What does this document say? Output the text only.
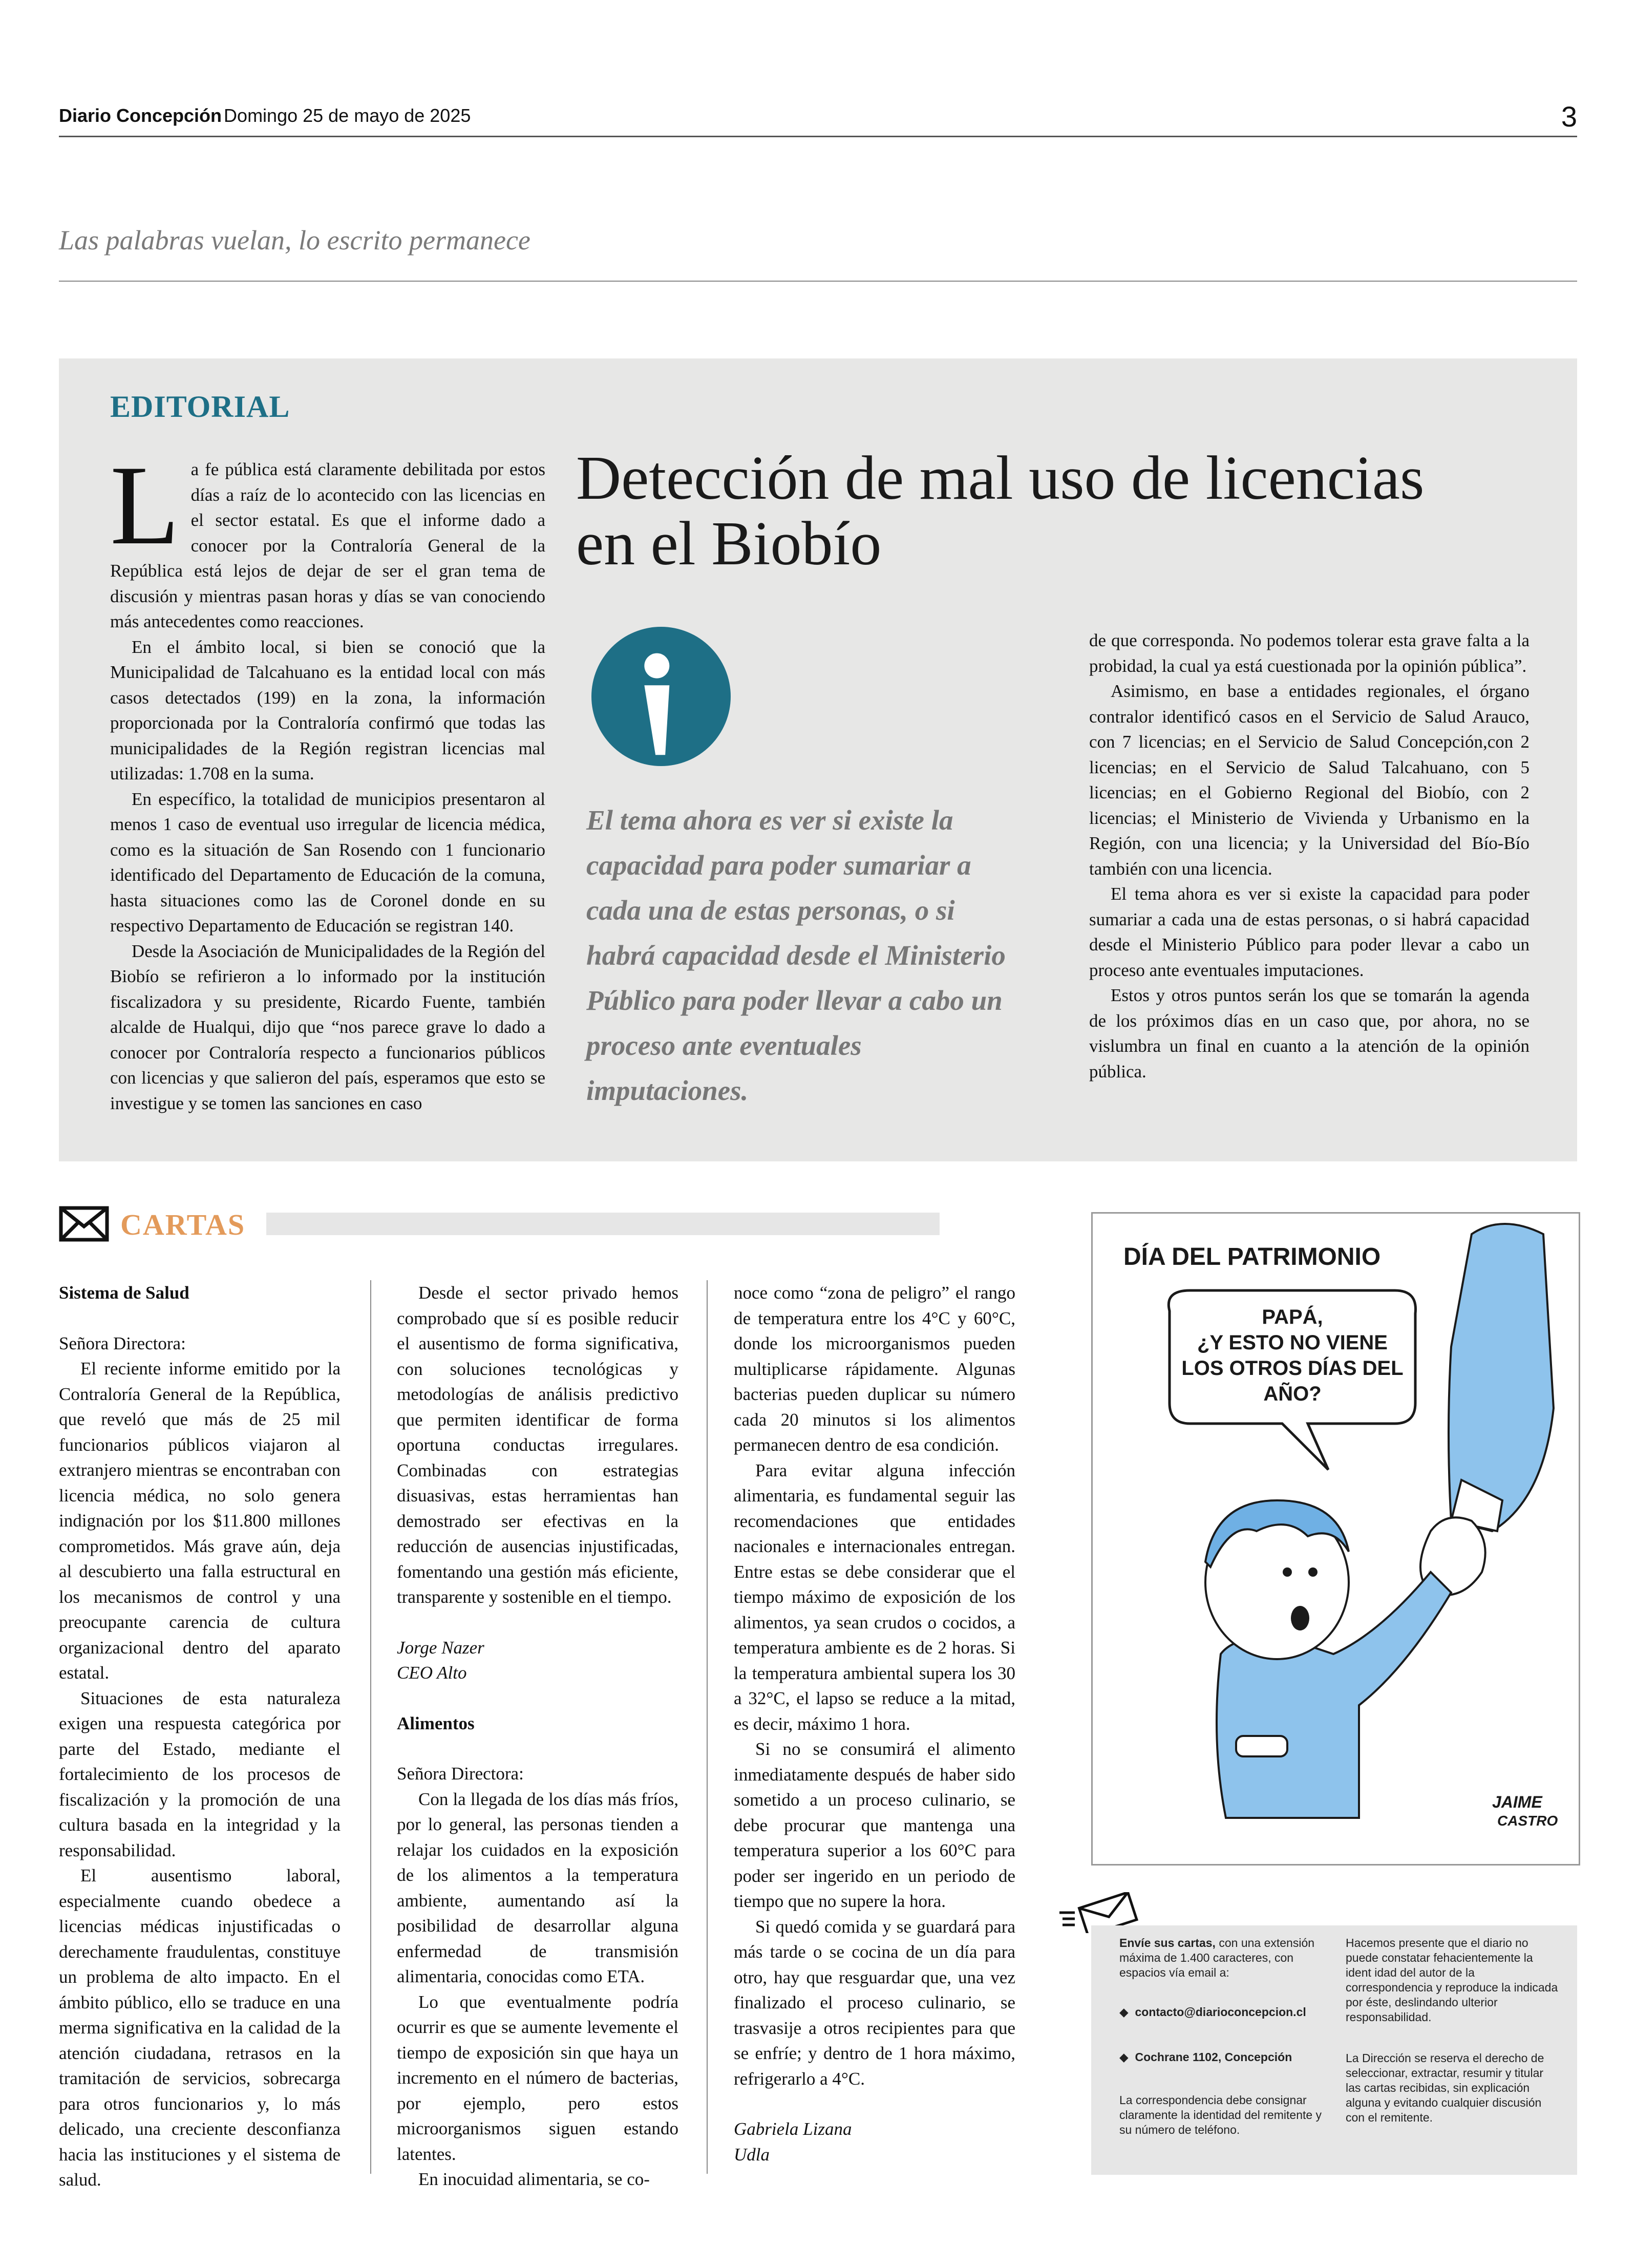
Diario Concepción Domingo 25 de mayo de 2025	3
Las palabras vuelan, lo escrito permanece
EDITORIAL

La fe pública está claramente debilitada por estos días a raíz de lo acontecido con las licencias en el sector estatal. Es que el informe dado a conocer por la Contraloría General de la República está lejos de dejar de ser el gran tema de discusión y mientras pasan horas y días se van conociendo más antecedentes como reacciones.

En el ámbito local, si bien se conoció que la Municipalidad de Talcahuano es la entidad local con más casos detectados (199) en la zona, la información proporcionada por la Contraloría confirmó que todas las municipalidades de la Región registran licencias mal utilizadas: 1.708 en la suma.

En específico, la totalidad de municipios presentaron al menos 1 caso de eventual uso irregular de licencia médica, como es la situación de San Rosendo con 1 funcionario identificado del Departamento de Educación de la comuna, hasta situaciones como las de Coronel donde en su respectivo Departamento de Educación se registran 140.

Desde la Asociación de Municipalidades de la Región del Biobío se refirieron a lo informado por la institución fiscalizadora y su presidente, Ricardo Fuente, también alcalde de Hualqui, dijo que “nos parece grave lo dado a conocer por Contraloría respecto a funcionarios públicos con licencias y que salieron del país, esperamos que esto se investigue y se tomen las sanciones en caso

Detección de mal uso de licencias
en el Biobío
El tema ahora es ver si existe la capacidad para poder sumariar a cada una de estas personas, o si habrá capacidad desde el Ministerio Público para poder llevar a cabo un proceso ante eventuales imputaciones.

de que corresponda. No podemos tolerar esta grave falta a la probidad, la cual ya está cuestionada por la opinión pública”.

Asimismo, en base a entidades regionales, el órgano contralor identificó casos en el Servicio de Salud Arauco, con 7 licencias; en el Servicio de Salud Concepción,con 2 licencias; en el Servicio de Salud Talcahuano, con 5 licencias; en el Gobierno Regional del Biobío, con 2 licencias; el Ministerio de Vivienda y Urbanismo en la Región, con una licencia; y la Universidad del Bío-Bío también con una licencia.

El tema ahora es ver si existe la capacidad para poder sumariar a cada una de estas personas, o si habrá capacidad desde el Ministerio Público para poder llevar a cabo un proceso ante eventuales imputaciones.

Estos y otros puntos serán los que se tomarán la agenda de los próximos días en un caso que, por ahora, no se vislumbra un final en cuanto a la atención de la opinión pública.

CARTAS

Sistema de Salud

Señora Directora:

El reciente informe emitido por la Contraloría General de la República, que reveló que más de 25 mil funcionarios públicos viajaron al extranjero mientras se encontraban con licencia médica, no solo genera indignación por los $11.800 millones comprometidos. Más grave aún, deja al descubierto una falla estructural en los mecanismos de control y una preocupante carencia de cultura organizacional dentro del aparato estatal.

Situaciones de esta naturaleza exigen una respuesta categórica por parte del Estado, mediante el fortalecimiento de los procesos de fiscalización y la promoción de una cultura basada en la integridad y la responsabilidad.

El ausentismo laboral, especialmente cuando obedece a licencias médicas injustificadas o derechamente fraudulentas, constituye un problema de alto impacto. En el ámbito público, ello se traduce en una merma significativa en la calidad de la atención ciudadana, retrasos en la tramitación de servicios, sobrecarga para otros funcionarios y, lo más delicado, una creciente desconfianza hacia las instituciones y el sistema de salud.

Desde el sector privado hemos comprobado que sí es posible reducir el ausentismo de forma significativa, con soluciones tecnológicas y metodologías de análisis predictivo que permiten identificar de forma oportuna conductas irregulares. Combinadas con estrategias disuasivas, estas herramientas han demostrado ser efectivas en la reducción de ausencias injustificadas, fomentando una gestión más eficiente, transparente y sostenible en el tiempo.

Jorge Nazer

CEO Alto

Alimentos

Señora Directora:

Con la llegada de los días más fríos, por lo general, las personas tienden a relajar los cuidados en la exposición de los alimentos a la temperatura ambiente, aumentando así la posibilidad de desarrollar alguna enfermedad de transmisión alimentaria, conocidas como ETA.

Lo que eventualmente podría ocurrir es que se aumente levemente el tiempo de exposición sin que haya un incremento en el número de bacterias, por ejemplo, pero estos microorganismos siguen estando latentes.

En inocuidad alimentaria, se co-

noce como “zona de peligro” el rango de temperatura entre los 4°C y 60°C, donde los microorganismos pueden multiplicarse rápidamente. Algunas bacterias pueden duplicar su número cada 20 minutos si los alimentos permanecen dentro de esa condición.

Para evitar alguna infección alimentaria, es fundamental seguir las recomendaciones que entidades nacionales e internacionales entregan. Entre estas se debe considerar que el tiempo máximo de exposición de los alimentos, ya sean crudos o cocidos, a temperatura ambiente es de 2 horas. Si la temperatura ambiental supera los 30 a 32°C, el lapso se reduce a la mitad, es decir, máximo 1 hora.

Si no se consumirá el alimento inmediatamente después de haber sido sometido a un proceso culinario, se debe procurar que mantenga una temperatura superior a los 60°C para poder ser ingerido en un periodo de tiempo que no supere la hora.

Si quedó comida y se guardará para más tarde o se cocina de un día para otro, hay que resguardar que, una vez finalizado el proceso culinario, se trasvasije a otros recipientes para que se enfríe; y dentro de 1 hora máximo, refrigerarlo a 4°C.

Gabriela Lizana

Udla

DÍA DEL PATRIMONIO
PAPÁ,
¿Y ESTO NO VIENE
LOS OTROS DÍAS DEL
AÑO?
JAIME
CASTRO
Envíe sus cartas, con una extensión máxima de 1.400 caracteres, con espacios vía email a:
◆ contacto@diarioconcepcion.cl
◆ Cochrane 1102, Concepción
La correspondencia debe consignar claramente la identidad del remitente y su número de teléfono.
Hacemos presente que el diario no puede constatar fehacientemente la ident idad del autor de la correspondencia y reproduce la indicada por éste, deslindando ulterior responsabilidad.
La Dirección se reserva el derecho de seleccionar, extractar, resumir y titular las cartas recibidas, sin explicación alguna y evitando cualquier discusión con el remitente.
